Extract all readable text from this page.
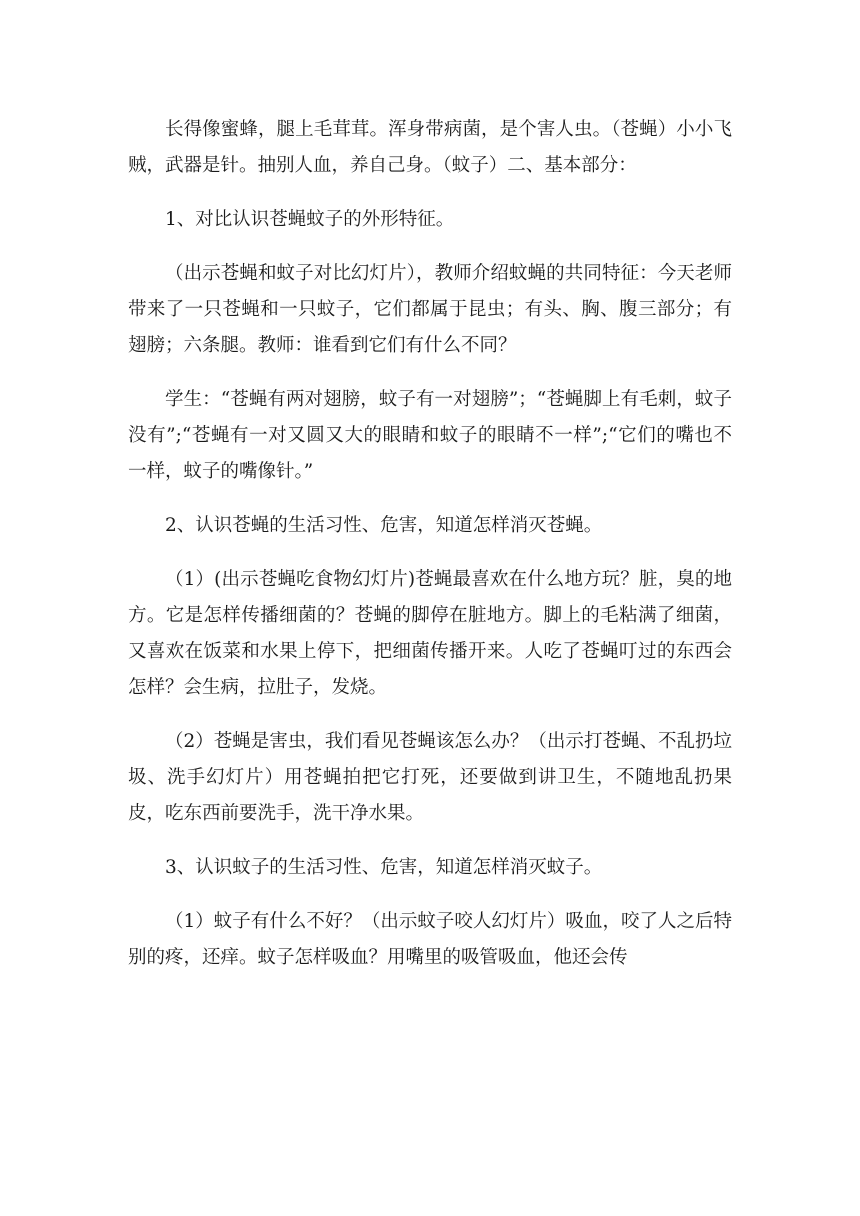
长得像蜜蜂，腿上毛茸茸。浑身带病菌，是个害人虫。（苍蝇）小小飞贼，武器是针。抽别人血，养自己身。（蚊子）二、基本部分：

1、对比认识苍蝇蚊子的外形特征。

（出示苍蝇和蚊子对比幻灯片），教师介绍蚊蝇的共同特征：今天老师带来了一只苍蝇和一只蚊子，它们都属于昆虫；有头、胸、腹三部分；有翅膀；六条腿。教师：谁看到它们有什么不同？

学生：“苍蝇有两对翅膀，蚊子有一对翅膀”；“苍蝇脚上有毛刺，蚊子没有”;“苍蝇有一对又圆又大的眼睛和蚊子的眼睛不一样”;“它们的嘴也不一样，蚊子的嘴像针。”

2、认识苍蝇的生活习性、危害，知道怎样消灭苍蝇。

（1）(出示苍蝇吃食物幻灯片)苍蝇最喜欢在什么地方玩？脏，臭的地方。它是怎样传播细菌的？苍蝇的脚停在脏地方。脚上的毛粘满了细菌，又喜欢在饭菜和水果上停下，把细菌传播开来。人吃了苍蝇叮过的东西会怎样？会生病，拉肚子，发烧。

（2）苍蝇是害虫，我们看见苍蝇该怎么办？（出示打苍蝇、不乱扔垃圾、洗手幻灯片）用苍蝇拍把它打死，还要做到讲卫生，不随地乱扔果皮，吃东西前要洗手，洗干净水果。

3、认识蚊子的生活习性、危害，知道怎样消灭蚊子。

（1）蚊子有什么不好？（出示蚊子咬人幻灯片）吸血，咬了人之后特别的疼，还痒。蚊子怎样吸血？用嘴里的吸管吸血，他还会传
